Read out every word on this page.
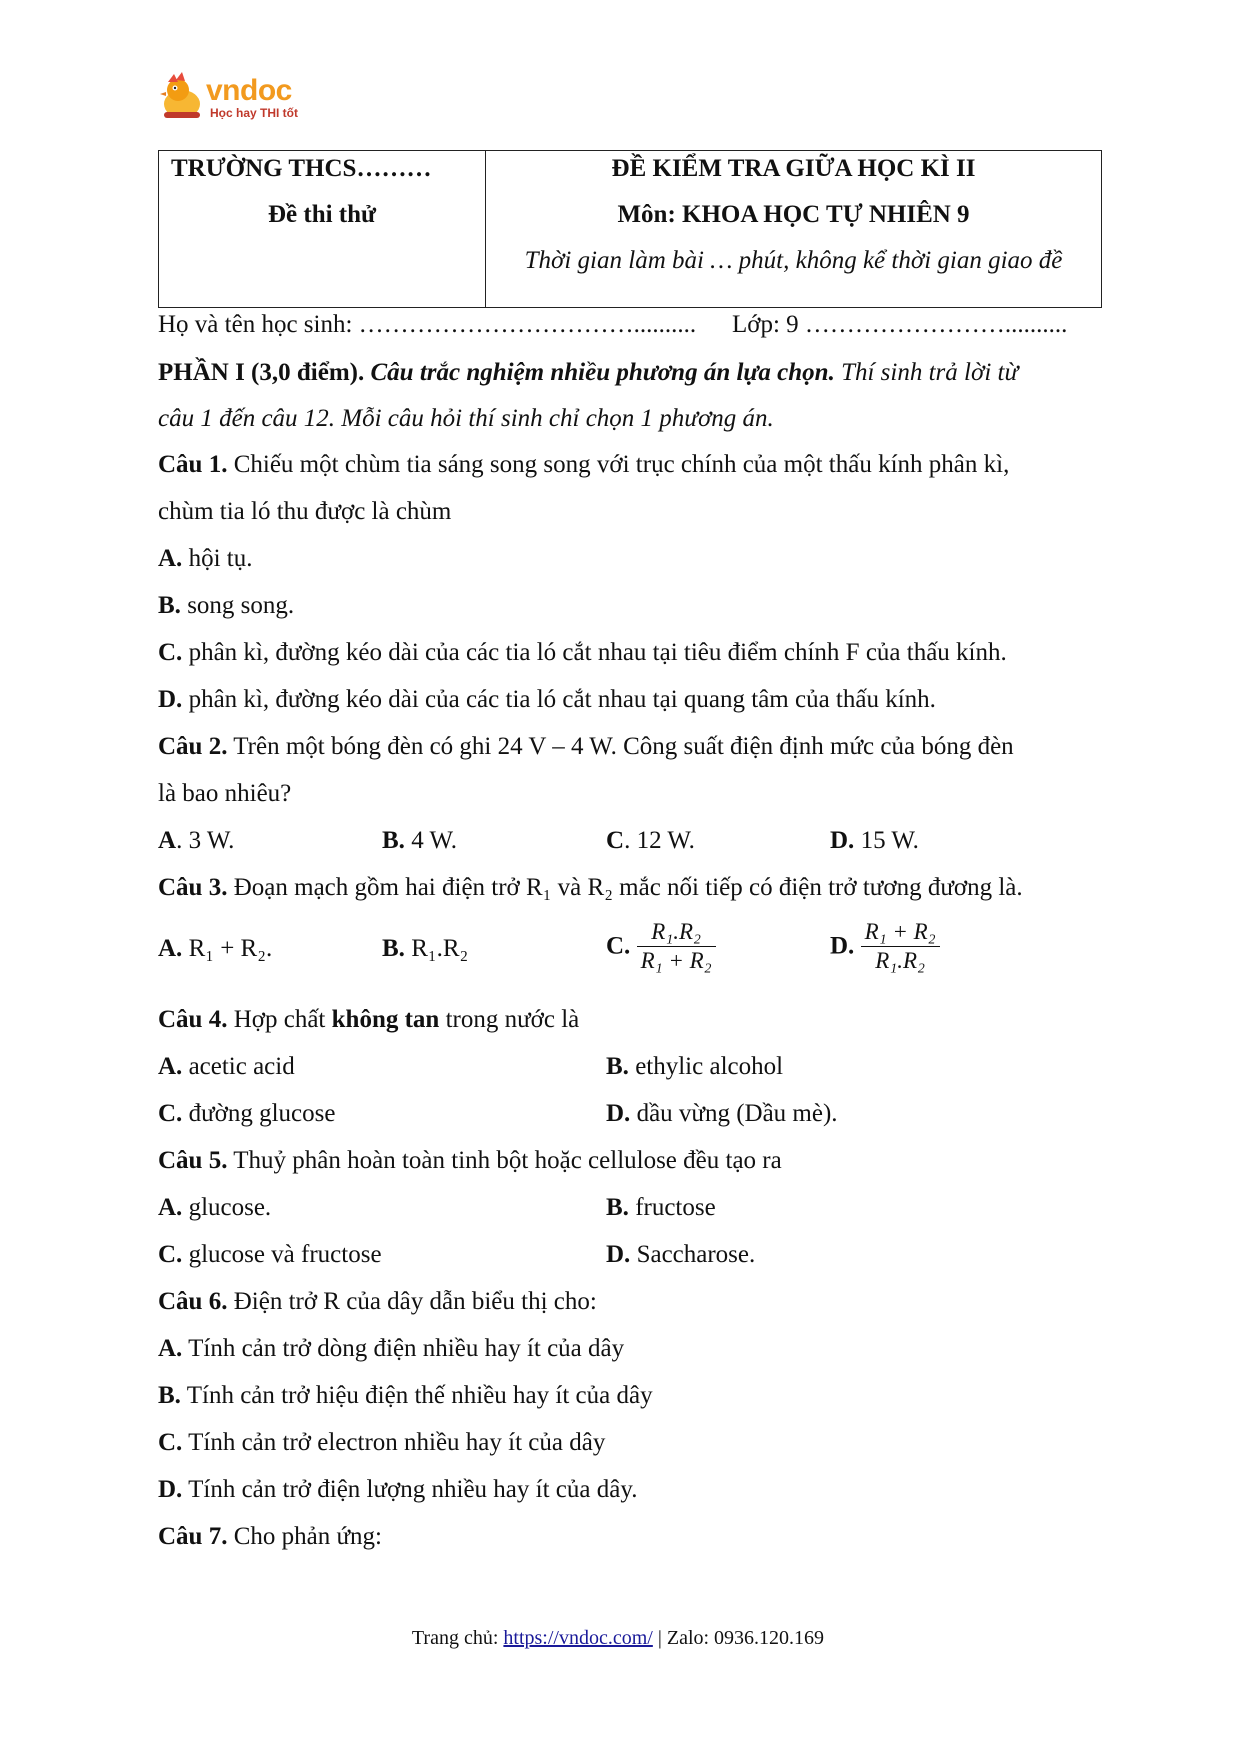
vndoc
Học hay THI tốt
TRƯỜNG THCS………
Đề thi thử
ĐỀ KIỂM TRA GIỮA HỌC KÌ II
Môn: KHOA HỌC TỰ NHIÊN 9
Thời gian làm bài … phút, không kể thời gian giao đề
Họ và tên học sinh: …………………………….......... Lớp: 9 ……………………..........
PHẦN I (3,0 điểm). Câu trắc nghiệm nhiều phương án lựa chọn. Thí sinh trả lời từ
câu 1 đến câu 12. Mỗi câu hỏi thí sinh chỉ chọn 1 phương án.
Câu 1. Chiếu một chùm tia sáng song song với trục chính của một thấu kính phân kì,
chùm tia ló thu được là chùm
A. hội tụ.
B. song song.
C. phân kì, đường kéo dài của các tia ló cắt nhau tại tiêu điểm chính F của thấu kính.
D. phân kì, đường kéo dài của các tia ló cắt nhau tại quang tâm của thấu kính.
Câu 2. Trên một bóng đèn có ghi 24 V – 4 W. Công suất điện định mức của bóng đèn
là bao nhiêu?
A. 3 W.	B. 4 W.	C. 12 W.	D. 15 W.
Câu 3. Đoạn mạch gồm hai điện trở R₁ và R₂ mắc nối tiếp có điện trở tương đương là.
A. R₁ + R₂.	B. R₁.R₂	C. $\frac{\text{R₁.R₂}}{\text{R₁ + R₂}}$	D. $\frac{\text{R₁ + R₂}}{\text{R₁.R₂}}$
Câu 4. Hợp chất không tan trong nước là
A. acetic acid	B. ethylic alcohol
C. đường glucose	D. dầu vừng (Dầu mè).
Câu 5. Thuỷ phân hoàn toàn tinh bột hoặc cellulose đều tạo ra
A. glucose.	B. fructose
C. glucose và fructose	D. Saccharose.
Câu 6. Điện trở R của dây dẫn biểu thị cho:
A. Tính cản trở dòng điện nhiều hay ít của dây
B. Tính cản trở hiệu điện thế nhiều hay ít của dây
C. Tính cản trở electron nhiều hay ít của dây
D. Tính cản trở điện lượng nhiều hay ít của dây.
Câu 7. Cho phản ứng:
Trang chủ: https://vndoc.com/ | Zalo: 0936.120.169
